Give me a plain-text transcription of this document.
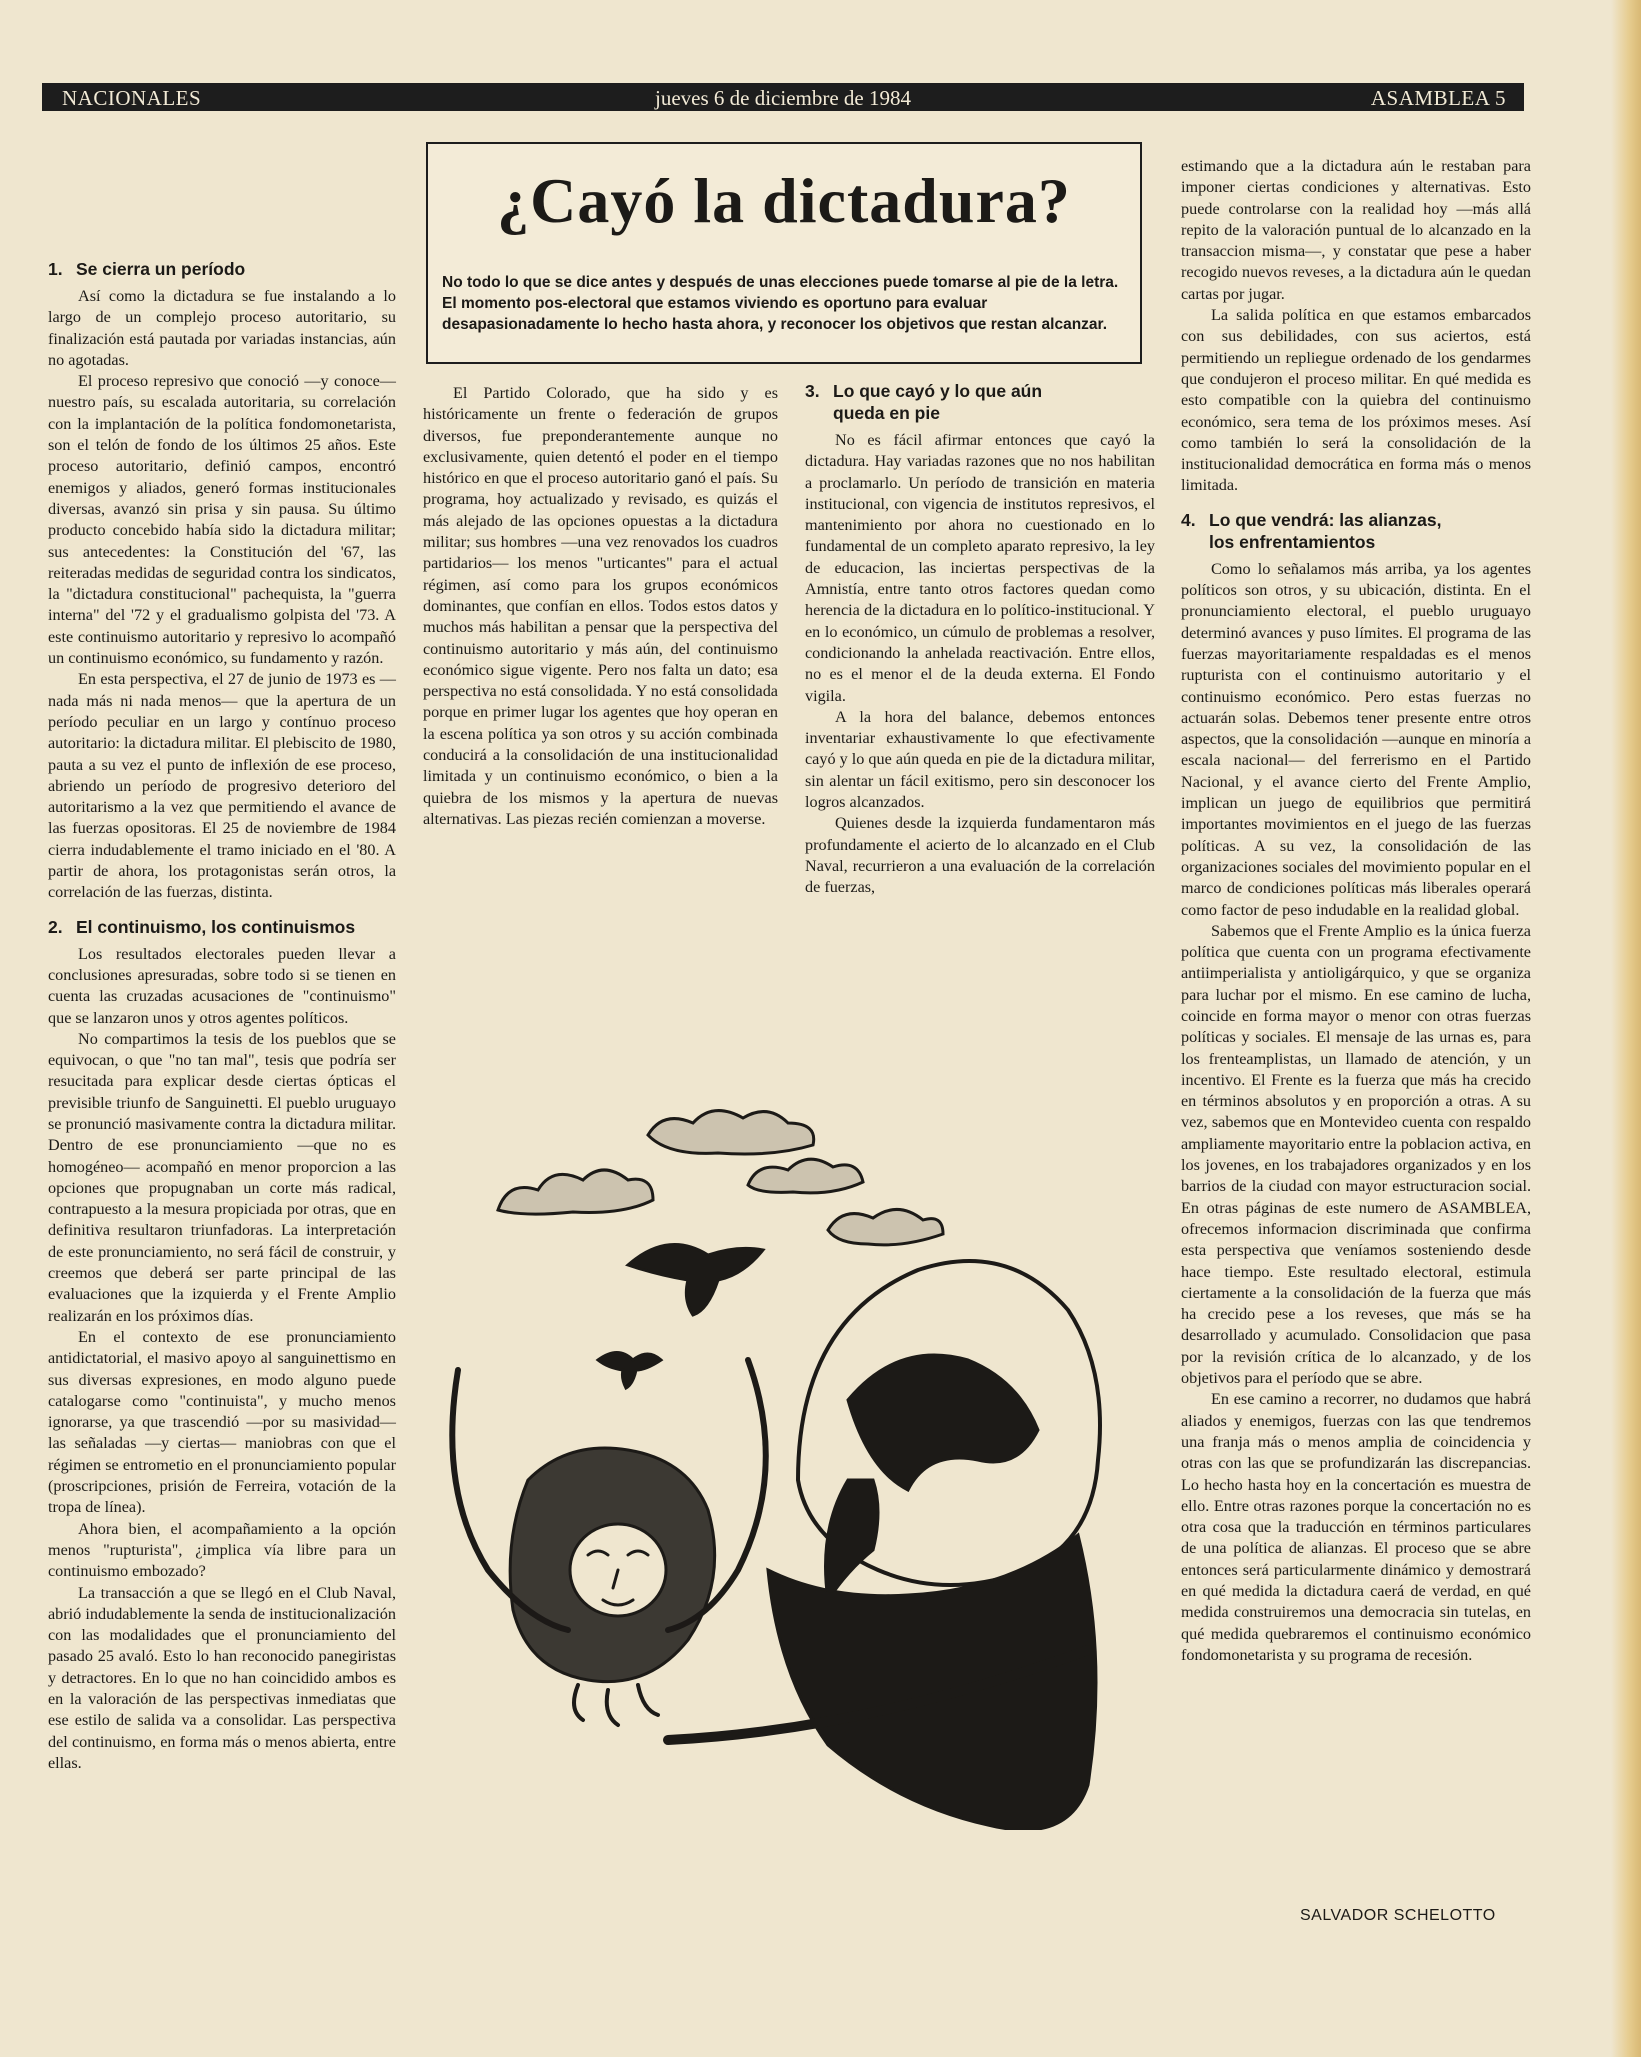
NACIONALES	jueves 6 de diciembre de 1984	ASAMBLEA 5
¿Cayó la dictadura?
No todo lo que se dice antes y después de unas elecciones puede tomarse al pie de la letra. El momento pos-electoral que estamos viviendo es oportuno para evaluar desapasionadamente lo hecho hasta ahora, y reconocer los objetivos que restan alcanzar.
1. Se cierra un período

Así como la dictadura se fue instalando a lo largo de un complejo proceso autoritario, su finalización está pautada por variadas instancias, aún no agotadas.

El proceso represivo que conoció —y conoce— nuestro país, su escalada autoritaria, su correlación con la implantación de la política fondomonetarista, son el telón de fondo de los últimos 25 años. Este proceso autoritario, definió campos, encontró enemigos y aliados, generó formas institucionales diversas, avanzó sin prisa y sin pausa. Su último producto concebido había sido la dictadura militar; sus antecedentes: la Constitución del '67, las reiteradas medidas de seguridad contra los sindicatos, la "dictadura constitucional" pachequista, la "guerra interna" del '72 y el gradualismo golpista del '73. A este continuismo autoritario y represivo lo acompañó un continuismo económico, su fundamento y razón.

En esta perspectiva, el 27 de junio de 1973 es —nada más ni nada menos— que la apertura de un período peculiar en un largo y contínuo proceso autoritario: la dictadura militar. El plebiscito de 1980, pauta a su vez el punto de inflexión de ese proceso, abriendo un período de progresivo deterioro del autoritarismo a la vez que permitiendo el avance de las fuerzas opositoras. El 25 de noviembre de 1984 cierra indudablemente el tramo iniciado en el '80. A partir de ahora, los protagonistas serán otros, la correlación de las fuerzas, distinta.

2. El continuismo, los continuismos

Los resultados electorales pueden llevar a conclusiones apresuradas, sobre todo si se tienen en cuenta las cruzadas acusaciones de "continuismo" que se lanzaron unos y otros agentes políticos.

No compartimos la tesis de los pueblos que se equivocan, o que "no tan mal", tesis que podría ser resucitada para explicar desde ciertas ópticas el previsible triunfo de Sanguinetti. El pueblo uruguayo se pronunció masivamente contra la dictadura militar. Dentro de ese pronunciamiento —que no es homogéneo— acompañó en menor proporcion a las opciones que propugnaban un corte más radical, contrapuesto a la mesura propiciada por otras, que en definitiva resultaron triunfadoras. La interpretación de este pronunciamiento, no será fácil de construir, y creemos que deberá ser parte principal de las evaluaciones que la izquierda y el Frente Amplio realizarán en los próximos días.

En el contexto de ese pronunciamiento antidictatorial, el masivo apoyo al sanguinettismo en sus diversas expresiones, en modo alguno puede catalogarse como "continuista", y mucho menos ignorarse, ya que trascendió —por su masividad— las señaladas —y ciertas— maniobras con que el régimen se entrometio en el pronunciamiento popular (proscripciones, prisión de Ferreira, votación de la tropa de línea).

Ahora bien, el acompañamiento a la opción menos "rupturista", ¿implica vía libre para un continuismo embozado?

La transacción a que se llegó en el Club Naval, abrió indudablemente la senda de institucionalización con las modalidades que el pronunciamiento del pasado 25 avaló. Esto lo han reconocido panegiristas y detractores. En lo que no han coincidido ambos es en la valoración de las perspectivas inmediatas que ese estilo de salida va a consolidar. Las perspectiva del continuismo, en forma más o menos abierta, entre ellas.

El Partido Colorado, que ha sido y es históricamente un frente o federación de grupos diversos, fue preponderantemente aunque no exclusivamente, quien detentó el poder en el tiempo histórico en que el proceso autoritario ganó el país. Su programa, hoy actualizado y revisado, es quizás el más alejado de las opciones opuestas a la dictadura militar; sus hombres —una vez renovados los cuadros partidarios— los menos "urticantes" para el actual régimen, así como para los grupos económicos dominantes, que confían en ellos. Todos estos datos y muchos más habilitan a pensar que la perspectiva del continuismo autoritario y más aún, del continuismo económico sigue vigente. Pero nos falta un dato; esa perspectiva no está consolidada. Y no está consolidada porque en primer lugar los agentes que hoy operan en la escena política ya son otros y su acción combinada conducirá a la consolidación de una institucionalidad limitada y un continuismo económico, o bien a la quiebra de los mismos y la apertura de nuevas alternativas. Las piezas recién comienzan a moverse.

3. Lo que cayó y lo que aún
queda en pie

No es fácil afirmar entonces que cayó la dictadura. Hay variadas razones que no nos habilitan a proclamarlo. Un período de transición en materia institucional, con vigencia de institutos represivos, el mantenimiento por ahora no cuestionado en lo fundamental de un completo aparato represivo, la ley de educacion, las inciertas perspectivas de la Amnistía, entre tanto otros factores quedan como herencia de la dictadura en lo político-institucional. Y en lo económico, un cúmulo de problemas a resolver, condicionando la anhelada reactivación. Entre ellos, no es el menor el de la deuda externa. El Fondo vigila.

A la hora del balance, debemos entonces inventariar exhaustivamente lo que efectivamente cayó y lo que aún queda en pie de la dictadura militar, sin alentar un fácil exitismo, pero sin desconocer los logros alcanzados.

Quienes desde la izquierda fundamentaron más profundamente el acierto de lo alcanzado en el Club Naval, recurrieron a una evaluación de la correlación de fuerzas,

estimando que a la dictadura aún le restaban para imponer ciertas condiciones y alternativas. Esto puede controlarse con la realidad hoy —más allá repito de la valoración puntual de lo alcanzado en la transaccion misma—, y constatar que pese a haber recogido nuevos reveses, a la dictadura aún le quedan cartas por jugar.

La salida política en que estamos embarcados con sus debilidades, con sus aciertos, está permitiendo un repliegue ordenado de los gendarmes que condujeron el proceso militar. En qué medida es esto compatible con la quiebra del continuismo económico, sera tema de los próximos meses. Así como también lo será la consolidación de la institucionalidad democrática en forma más o menos limitada.

4. Lo que vendrá: las alianzas,
los enfrentamientos

Como lo señalamos más arriba, ya los agentes políticos son otros, y su ubicación, distinta. En el pronunciamiento electoral, el pueblo uruguayo determinó avances y puso límites. El programa de las fuerzas mayoritariamente respaldadas es el menos rupturista con el continuismo autoritario y el continuismo económico. Pero estas fuerzas no actuarán solas. Debemos tener presente entre otros aspectos, que la consolidación —aunque en minoría a escala nacional— del ferrerismo en el Partido Nacional, y el avance cierto del Frente Amplio, implican un juego de equilibrios que permitirá importantes movimientos en el juego de las fuerzas políticas. A su vez, la consolidación de las organizaciones sociales del movimiento popular en el marco de condiciones políticas más liberales operará como factor de peso indudable en la realidad global.

Sabemos que el Frente Amplio es la única fuerza política que cuenta con un programa efectivamente antiimperialista y antioligárquico, y que se organiza para luchar por el mismo. En ese camino de lucha, coincide en forma mayor o menor con otras fuerzas políticas y sociales. El mensaje de las urnas es, para los frenteamplistas, un llamado de atención, y un incentivo. El Frente es la fuerza que más ha crecido en términos absolutos y en proporción a otras. A su vez, sabemos que en Montevideo cuenta con respaldo ampliamente mayoritario entre la poblacion activa, en los jovenes, en los trabajadores organizados y en los barrios de la ciudad con mayor estructuracion social. En otras páginas de este numero de ASAMBLEA, ofrecemos informacion discriminada que confirma esta perspectiva que veníamos sosteniendo desde hace tiempo. Este resultado electoral, estimula ciertamente a la consolidación de la fuerza que más ha crecido pese a los reveses, que más se ha desarrollado y acumulado. Consolidacion que pasa por la revisión crítica de lo alcanzado, y de los objetivos para el período que se abre.

En ese camino a recorrer, no dudamos que habrá aliados y enemigos, fuerzas con las que tendremos una franja más o menos amplia de coincidencia y otras con las que se profundizarán las discrepancias. Lo hecho hasta hoy en la concertación es muestra de ello. Entre otras razones porque la concertación no es otra cosa que la traducción en términos particulares de una política de alianzas. El proceso que se abre entonces será particularmente dinámico y demostrará en qué medida la dictadura caerá de verdad, en qué medida construiremos una democracia sin tutelas, en qué medida quebraremos el continuismo económico fondomonetarista y su programa de recesión.

SALVADOR SCHELOTTO
